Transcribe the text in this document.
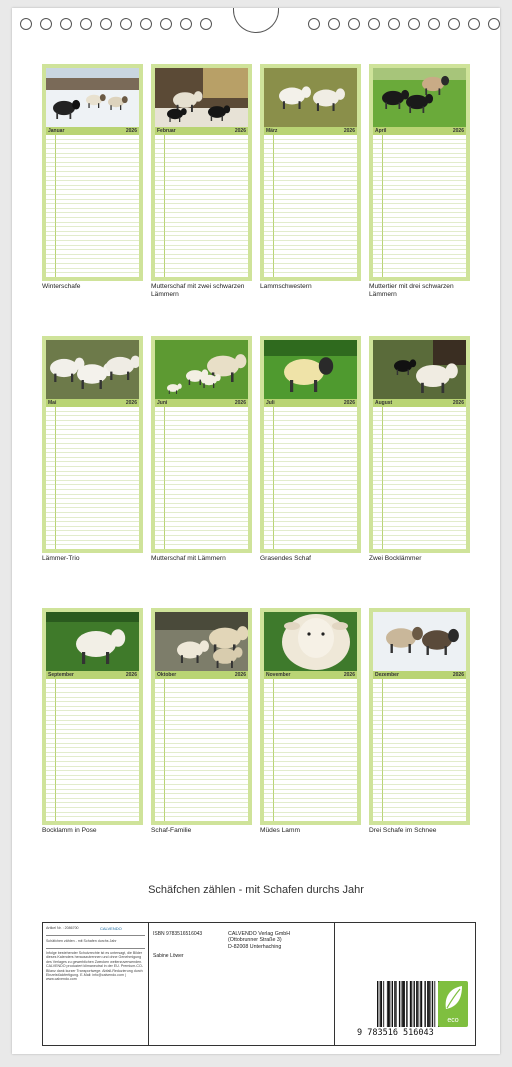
Januar	2026
Winterschafe
Februar	2026
Mutterschaf mit zwei schwarzen Lämmern
März	2026
Lammschwestern
April	2026
Muttertier mit drei schwarzen Lämmern
Mai	2026
Lämmer-Trio
Juni	2026
Mutterschaf mit Lämmern
Juli	2026
Grasendes Schaf
August	2026
Zwei Bocklämmer
September	2026
Bocklamm in Pose
Oktober	2026
Schaf-Familie
November	2026
Müdes Lamm
Dezember	2026
Drei Schafe im Schnee
Schäfchen zählen - mit Schafen durchs Jahr
Artikel Nr. : 2086700	CALVENDO
Schäfchen zählen - mit Schafen durchs Jahr
Infolge bestehender Schutzrechte ist es untersagt, die Bilder dieses Kalenders herauszutrennen und ohne Genehmigung des Verlages zu gewerblichen Zwecken weiterzuverwenden. CALVENDO produziert klimaneutral in der EU. Premium-CO-Bilanz dank kurzer Transportwege. Abfall-Reduzierung durch Einzelstückfertigung. E-Mail: info@calvendo.com | www.calvendo.com
ISBN 9783516516043
Sabine Löwer
CALVENDO Verlag GmbH
(Ottobrunner Straße 3)
D-82008 Unterhaching
9 783516 516043
eco
